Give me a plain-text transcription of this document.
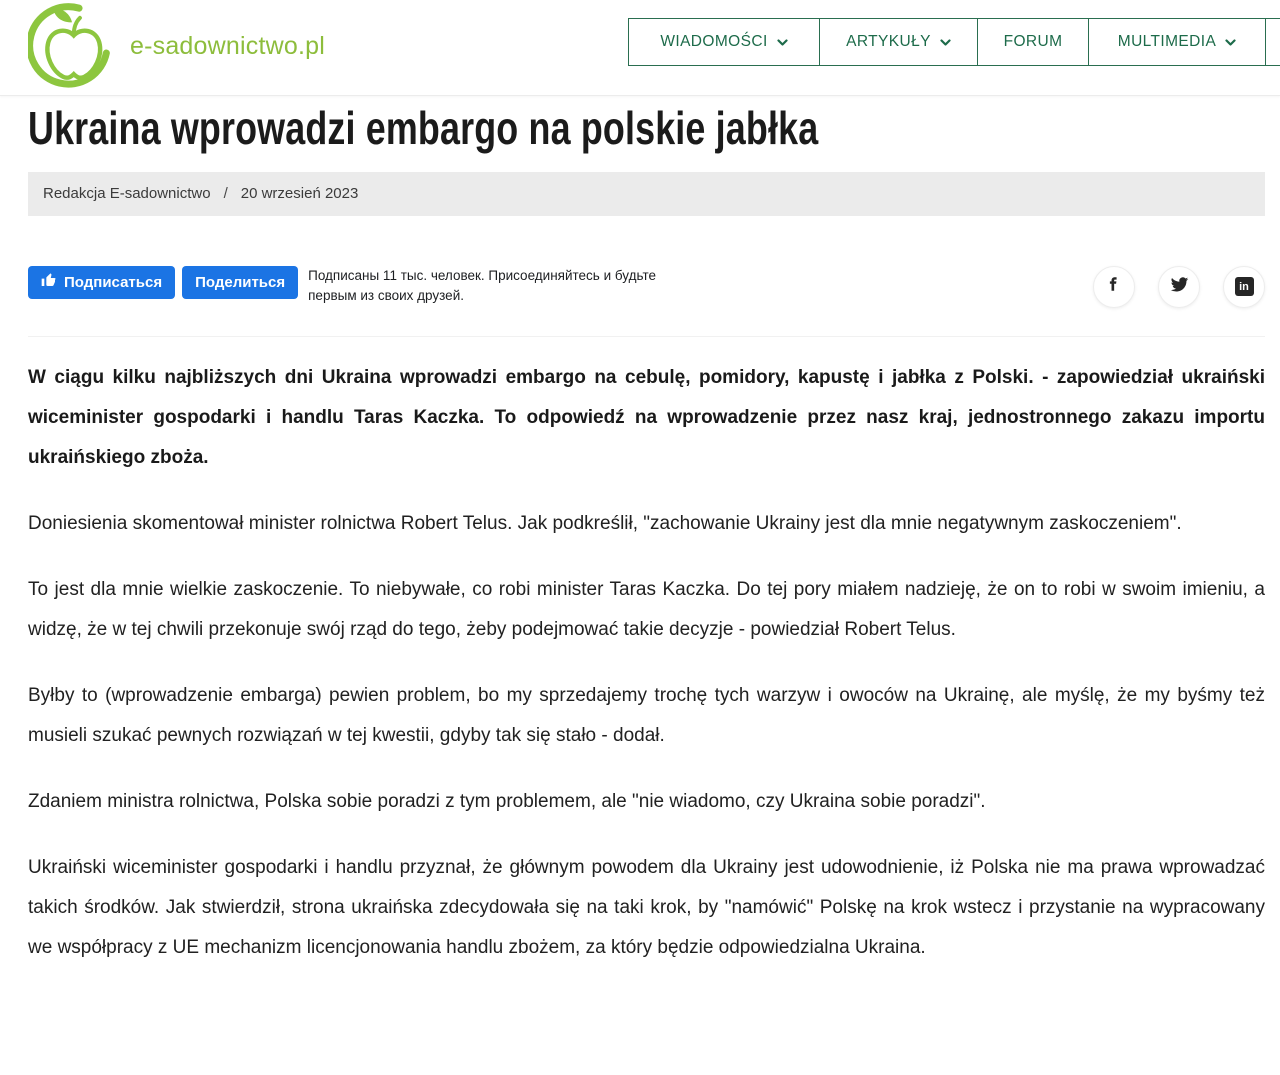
e-sadownictwo.pl	WIADOMOŚCI	ARTYKUŁY	FORUM	MULTIMEDIA
Ukraina wprowadzi embargo na polskie jabłka
Redakcja E-sadownictwo / 20 wrzesień 2023
Подписаться Поделиться Подписаны 11 тыс. человек. Присоединяйтесь и будьте первым из своих друзей.
in

W ciągu kilku najbliższych dni Ukraina wprowadzi embargo na cebulę, pomidory, kapustę i jabłka z Polski. - zapowiedział ukraiński wiceminister gospodarki i handlu Taras Kaczka. To odpowiedź na wprowadzenie przez nasz kraj, jednostronnego zakazu importu ukraińskiego zboża.

Doniesienia skomentował minister rolnictwa Robert Telus. Jak podkreślił, "zachowanie Ukrainy jest dla mnie negatywnym zaskoczeniem".

To jest dla mnie wielkie zaskoczenie. To niebywałe, co robi minister Taras Kaczka. Do tej pory miałem nadzieję, że on to robi w swoim imieniu, a widzę, że w tej chwili przekonuje swój rząd do tego, żeby podejmować takie decyzje - powiedział Robert Telus.

Byłby to (wprowadzenie embarga) pewien problem, bo my sprzedajemy trochę tych warzyw i owoców na Ukrainę, ale myślę, że my byśmy też musieli szukać pewnych rozwiązań w tej kwestii, gdyby tak się stało - dodał.

Zdaniem ministra rolnictwa, Polska sobie poradzi z tym problemem, ale "nie wiadomo, czy Ukraina sobie poradzi".

Ukraiński wiceminister gospodarki i handlu przyznał, że głównym powodem dla Ukrainy jest udowodnienie, iż Polska nie ma prawa wprowadzać takich środków. Jak stwierdził, strona ukraińska zdecydowała się na taki krok, by "namówić" Polskę na krok wstecz i przystanie na wypracowany we współpracy z UE mechanizm licencjonowania handlu zbożem, za który będzie odpowiedzialna Ukraina.
